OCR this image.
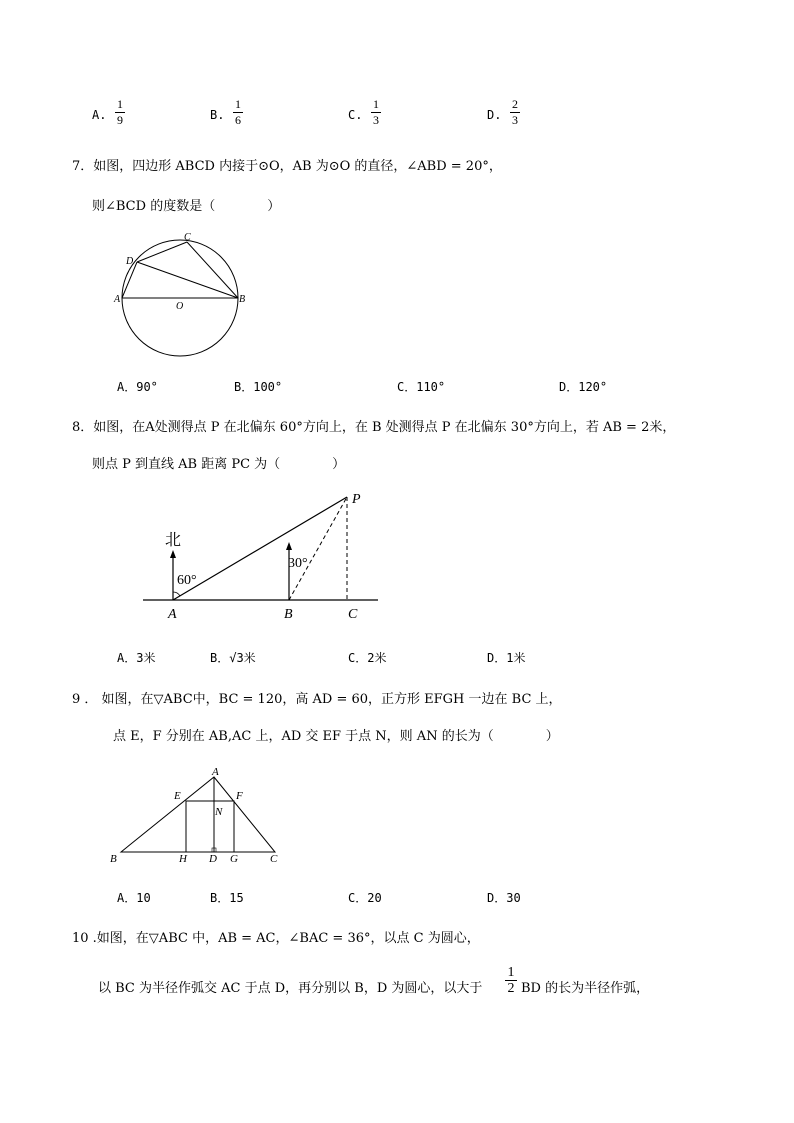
A.
1
9	B.
1
6	C.
1
3	D.
2
3
7．如图，四边形 ABCD 内接于⊙O，AB 为⊙O 的直径，∠ABD = 20°，
则∠BCD 的度数是（　　　　）
C
D
A	B
O
A．90°	B．100°	C．110°	D．120°
8．如图，在A处测得点 P 在北偏东 60°方向上，在 B 处测得点 P 在北偏东 30°方向上，若 AB = 2米，
则点 P 到直线 AB 距离 PC 为（　　　　）
北
60°
30°
A	B	C
P
A．3米	B．√3米	C．2米	D．1米
9 ． 如图，在▽ABC中，BC = 120，高 AD = 60，正方形 EFGH 一边在 BC 上，
点 E，F 分别在 AB,AC 上，AD 交 EF 于点 N，则 AN 的长为（　　　　）
A
E	F
N
B	H D G	C
A．10	B．15	C．20	D．30
10 .如图，在▽ABC 中，AB = AC，∠BAC = 36°，以点 C 为圆心，
以 BC 为半径作弧交 AC 于点 D，再分别以 B，D 为圆心，以大于
1
2 BD 的长为半径作弧，
